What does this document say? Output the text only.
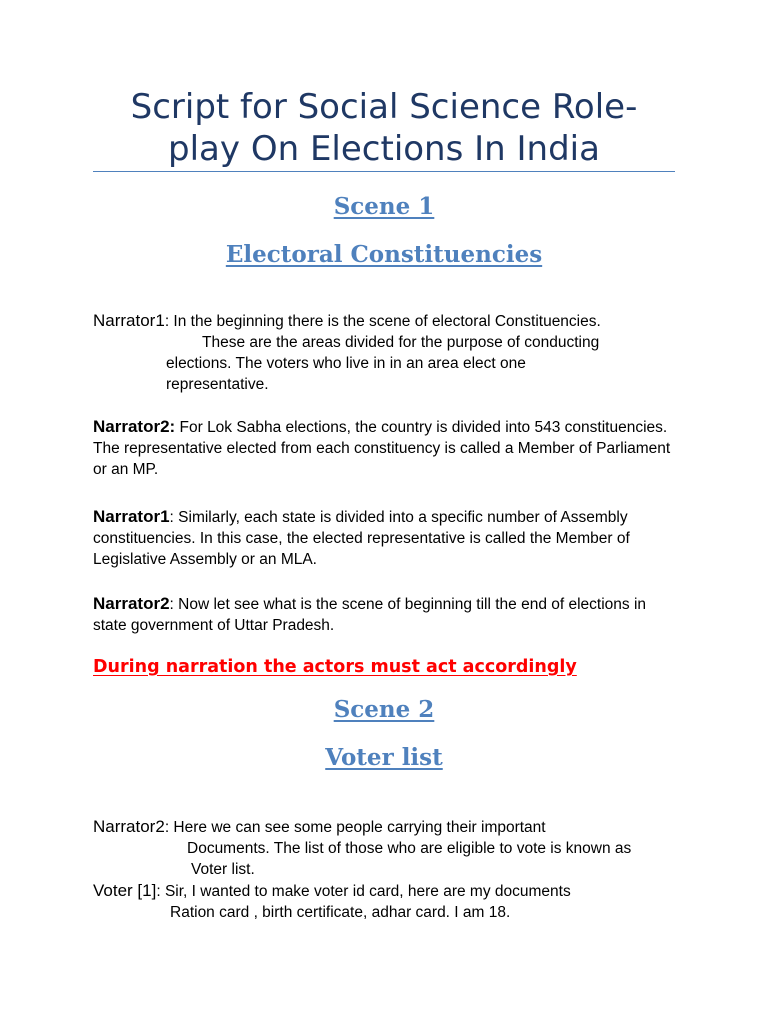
Script for Social Science Role-
play On Elections In India
Scene 1
Electoral Constituencies
Narrator1: In the beginning there is the scene of electoral Constituencies.
These are the areas divided for the purpose of conducting
elections. The voters who live in in an area elect one
representative.
Narrator2: For Lok Sabha elections, the country is divided into 543 constituencies. The representative elected from each constituency is called a Member of Parliament or an MP.
Narrator1: Similarly, each state is divided into a specific number of Assembly constituencies. In this case, the elected representative is called the Member of Legislative Assembly or an MLA.
Narrator2: Now let see what is the scene of beginning till the end of elections in state government of Uttar Pradesh.
During narration the actors must act accordingly
Scene 2
Voter list
Narrator2: Here we can see some people carrying their important
Documents. The list of those who are eligible to vote is known as
Voter list.
Voter [1]: Sir, I wanted to make voter id card, here are my documents
Ration card , birth certificate, adhar card. I am 18.
